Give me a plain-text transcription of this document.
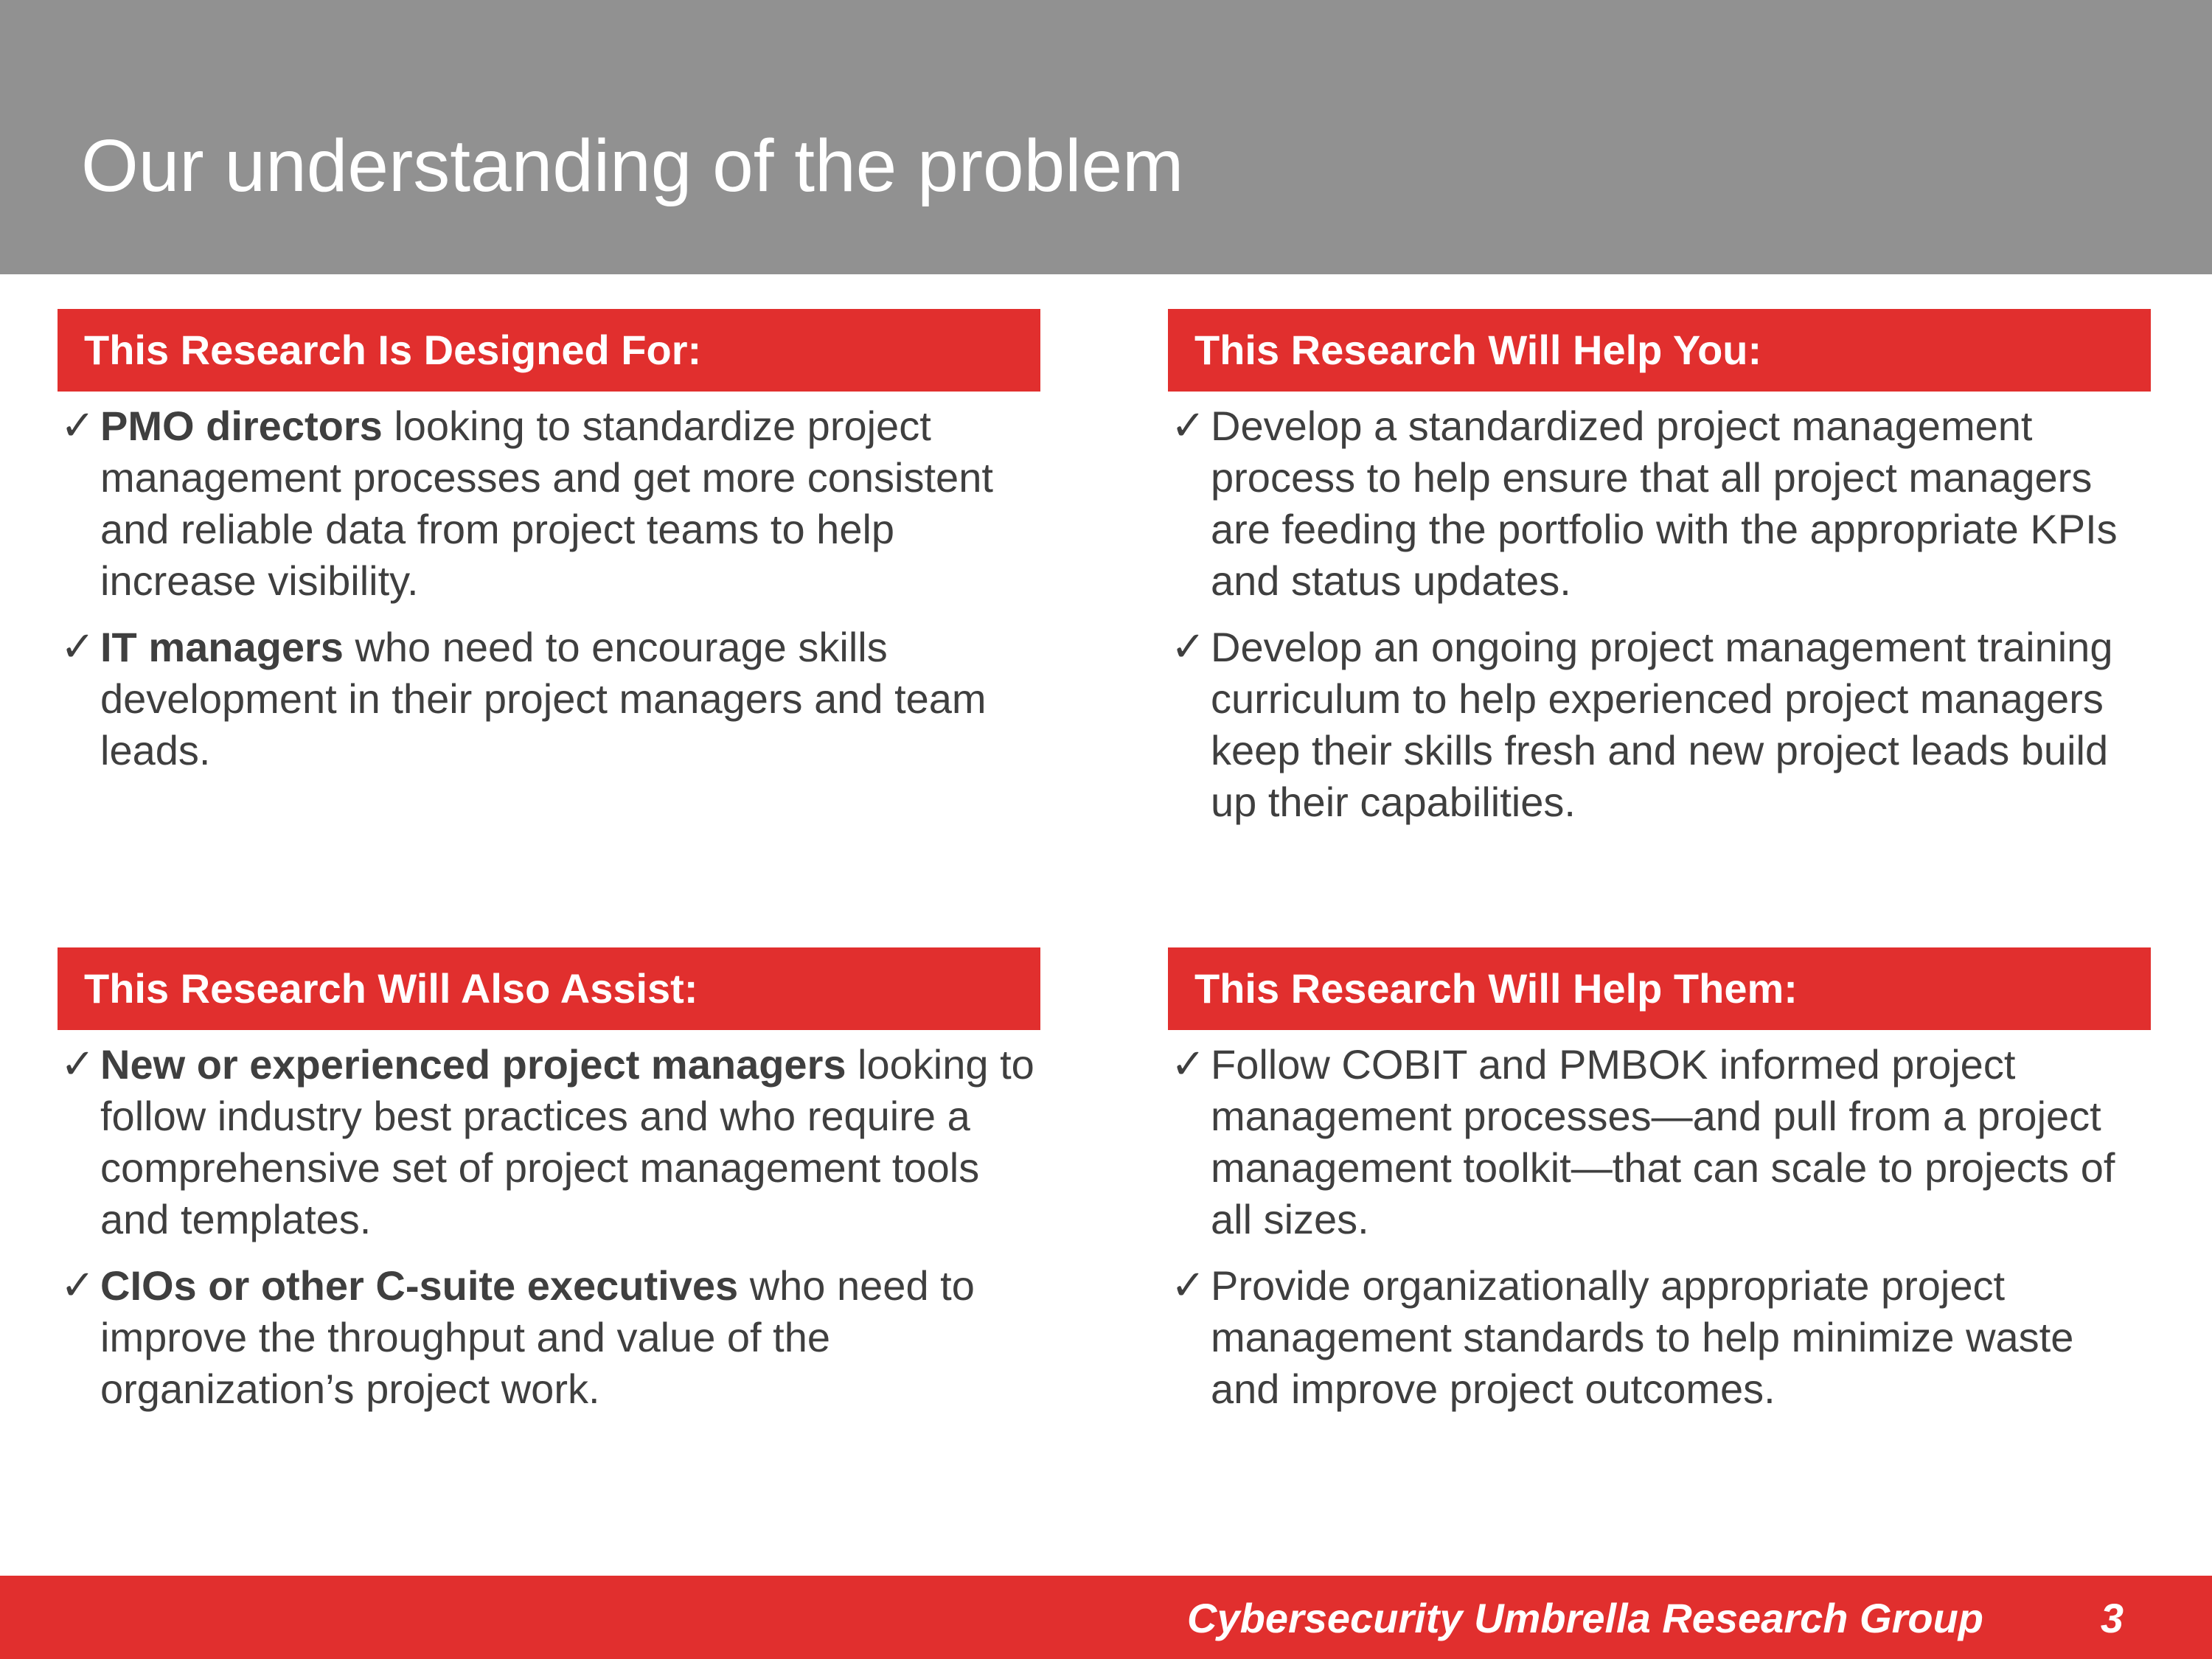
Our understanding of the problem
This Research Is Designed For:
✓ PMO directors looking to standardize project management processes and get more consistent and reliable data from project teams to help increase visibility.
✓ IT managers who need to encourage skills development in their project managers and team leads.
This Research Will Help You:
✓ Develop a standardized project management process to help ensure that all project managers are feeding the portfolio with the appropriate KPIs and status updates.
✓ Develop an ongoing project management training curriculum to help experienced project managers keep their skills fresh and new project leads build up their capabilities.
This Research Will Also Assist:
✓ New or experienced project managers looking to follow industry best practices and who require a comprehensive set of project management tools and templates.
✓ CIOs or other C-suite executives who need to improve the throughput and value of the organization’s project work.
This Research Will Help Them:
✓ Follow COBIT and PMBOK informed project management processes—and pull from a project management toolkit—that can scale to projects of all sizes.
✓ Provide organizationally appropriate project management standards to help minimize waste and improve project outcomes.
Cybersecurity Umbrella Research Group	3
